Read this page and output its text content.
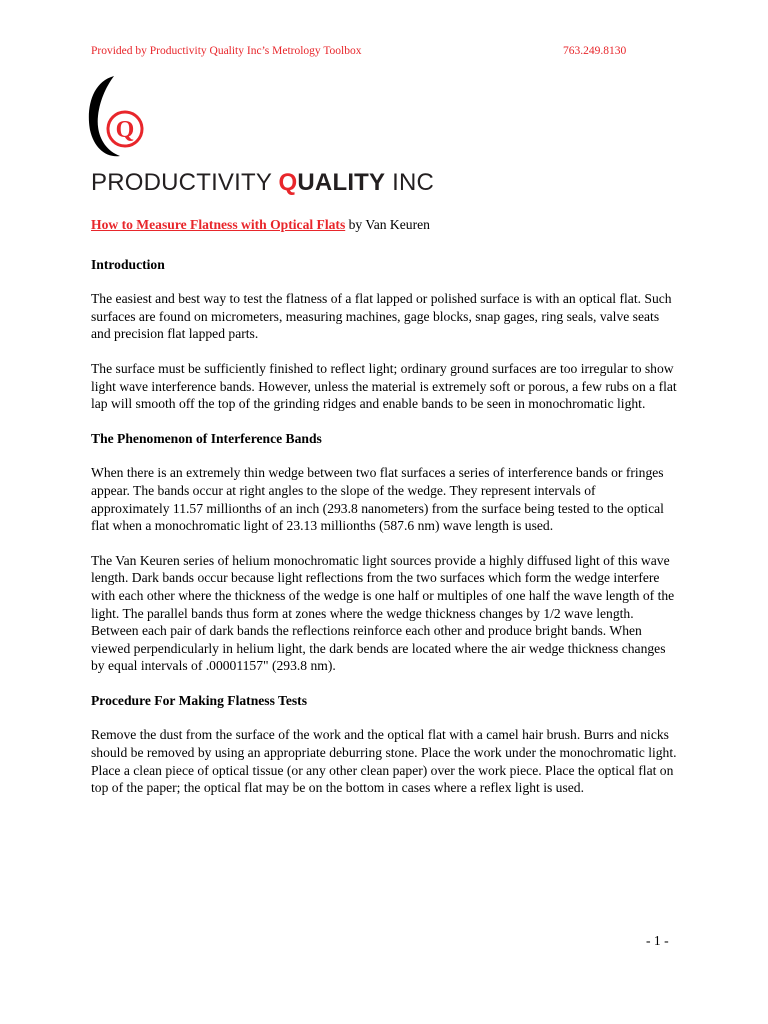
Provided by Productivity Quality Inc’s Metrology Toolbox	763.249.8130
Q
PRODUCTIVITY QUALITY INC
How to Measure Flatness with Optical Flats by Van Keuren
Introduction

The easiest and best way to test the flatness of a flat lapped or polished surface is with an optical flat. Such surfaces are found on micrometers, measuring machines, gage blocks, snap gages, ring seals, valve seats and precision flat lapped parts.

The surface must be sufficiently finished to reflect light; ordinary ground surfaces are too irregular to show light wave interference bands. However, unless the material is extremely soft or porous, a few rubs on a flat lap will smooth off the top of the grinding ridges and enable bands to be seen in monochromatic light.

The Phenomenon of Interference Bands

When there is an extremely thin wedge between two flat surfaces a series of interference bands or fringes appear. The bands occur at right angles to the slope of the wedge. They represent intervals of approximately 11.57 millionths of an inch (293.8 nanometers) from the surface being tested to the optical flat when a monochromatic light of 23.13 millionths (587.6 nm) wave length is used.

The Van Keuren series of helium monochromatic light sources provide a highly diffused light of this wave length. Dark bands occur because light reflections from the two surfaces which form the wedge interfere with each other where the thickness of the wedge is one half or multiples of one half the wave length of the light. The parallel bands thus form at zones where the wedge thickness changes by 1/2 wave length. Between each pair of dark bands the reflections reinforce each other and produce bright bands. When viewed perpendicularly in helium light, the dark bends are located where the air wedge thickness changes by equal intervals of .00001157" (293.8 nm).

Procedure For Making Flatness Tests

Remove the dust from the surface of the work and the optical flat with a camel hair brush. Burrs and nicks should be removed by using an appropriate deburring stone. Place the work under the monochromatic light. Place a clean piece of optical tissue (or any other clean paper) over the work piece. Place the optical flat on top of the paper; the optical flat may be on the bottom in cases where a reflex light is used.

- 1 -
